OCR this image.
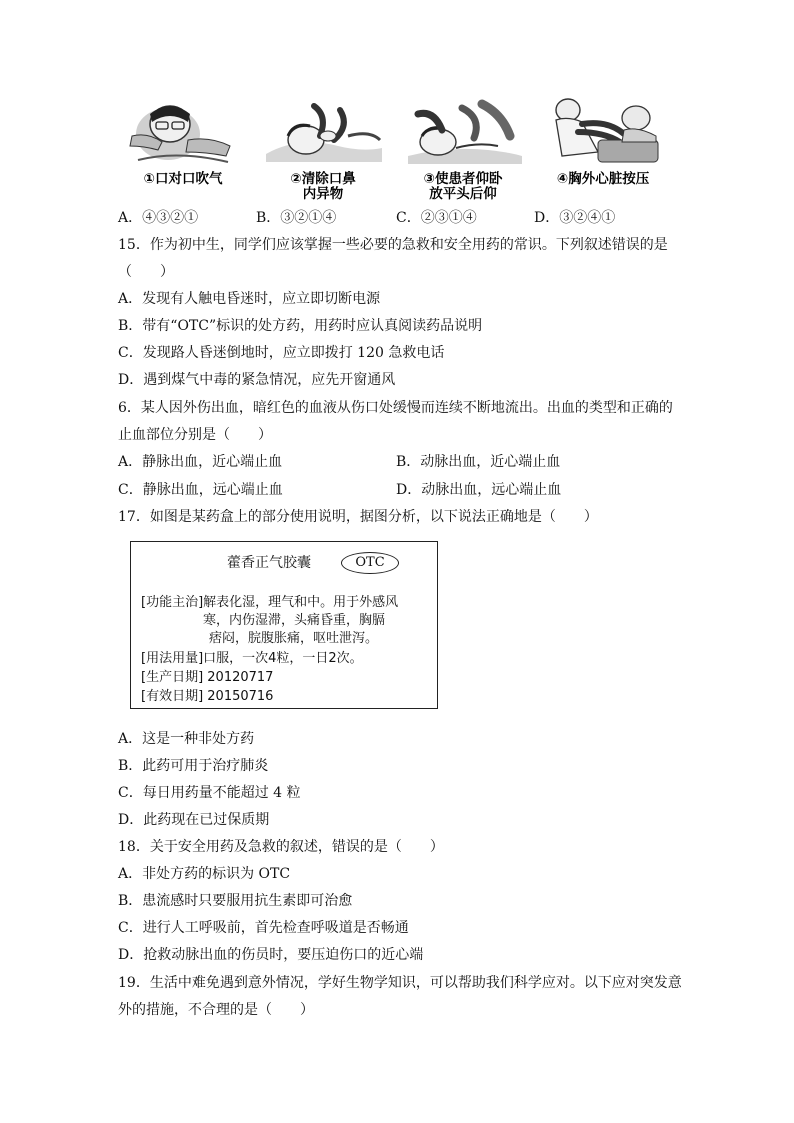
①口对口吹气	②清除口鼻
内异物
③使患者仰卧
放平头后仰
④胸外心脏按压
A．④③②①	B．③②①④	C．②③①④	D．③②④①
15．作为初中生，同学们应该掌握一些必要的急救和安全用药的常识。下列叙述错误的是
（　　）
A．发现有人触电昏迷时，应立即切断电源
B．带有“OTC”标识的处方药，用药时应认真阅读药品说明
C．发现路人昏迷倒地时，应立即拨打 120 急救电话
D．遇到煤气中毒的紧急情况，应先开窗通风
6．某人因外伤出血，暗红色的血液从伤口处缓慢而连续不断地流出。出血的类型和正确的
止血部位分别是（　　）
A．静脉出血，近心端止血	B．动脉出血，近心端止血
C．静脉出血，远心端止血	D．动脉出血，远心端止血
17．如图是某药盒上的部分使用说明，据图分析，以下说法正确地是（　　）
藿香正气胶囊	OTC
[功能主治]解表化湿，理气和中。用于外感风
寒，内伤湿滞，头痛昏重，胸膈
痞闷，脘腹胀痛，呕吐泄泻。
[用法用量]口服，一次4粒，一日2次。
[生产日期] 20120717
[有效日期] 20150716
A．这是一种非处方药
B．此药可用于治疗肺炎
C．每日用药量不能超过 4 粒
D．此药现在已过保质期
18．关于安全用药及急救的叙述，错误的是（　　）
A．非处方药的标识为 OTC
B．患流感时只要服用抗生素即可治愈
C．进行人工呼吸前，首先检查呼吸道是否畅通
D．抢救动脉出血的伤员时，要压迫伤口的近心端
19．生活中难免遇到意外情况，学好生物学知识，可以帮助我们科学应对。以下应对突发意
外的措施，不合理的是（　　）
